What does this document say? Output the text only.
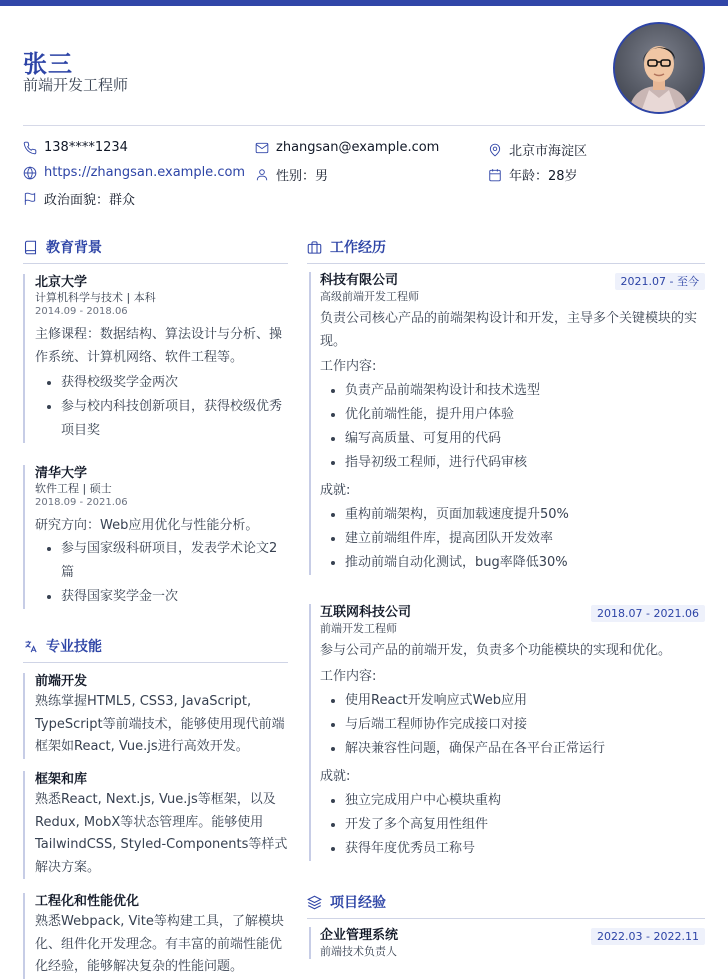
张三
前端开发工程师
138****1234	zhangsan@example.com	北京市海淀区
https://zhangsan.example.com 性别：男	年龄：28岁
政治面貌：群众
教育背景
北京大学
计算机科学与技术 | 本科
2014.09 - 2018.06
主修课程：数据结构、算法设计与分析、操作系统、计算机网络、软件工程等。
• 获得校级奖学金两次
• 参与校内科技创新项目，获得校级优秀项目奖
清华大学
软件工程 | 硕士
2018.09 - 2021.06
研究方向：Web应用优化与性能分析。
• 参与国家级科研项目，发表学术论文2篇
• 获得国家奖学金一次
专业技能
前端开发
熟练掌握HTML5, CSS3, JavaScript, TypeScript等前端技术，能够使用现代前端框架如React, Vue.js进行高效开发。
框架和库
熟悉React, Next.js, Vue.js等框架，以及Redux, MobX等状态管理库。能够使用TailwindCSS, Styled-Components等样式解决方案。
工程化和性能优化
熟悉Webpack, Vite等构建工具，了解模块化、组件化开发理念。有丰富的前端性能优化经验，能够解决复杂的性能问题。
工作经历
科技有限公司	2021.07 - 至今
高级前端开发工程师
负责公司核心产品的前端架构设计和开发，主导多个关键模块的实现。
工作内容:
• 负责产品前端架构设计和技术选型
• 优化前端性能，提升用户体验
• 编写高质量、可复用的代码
• 指导初级工程师，进行代码审核
成就:
• 重构前端架构，页面加载速度提升50%
• 建立前端组件库，提高团队开发效率
• 推动前端自动化测试，bug率降低30%
互联网科技公司	2018.07 - 2021.06
前端开发工程师
参与公司产品的前端开发，负责多个功能模块的实现和优化。
工作内容:
• 使用React开发响应式Web应用
• 与后端工程师协作完成接口对接
• 解决兼容性问题，确保产品在各平台正常运行
成就:
• 独立完成用户中心模块重构
• 开发了多个高复用性组件
• 获得年度优秀员工称号
项目经验
企业管理系统	2022.03 - 2022.11
前端技术负责人
